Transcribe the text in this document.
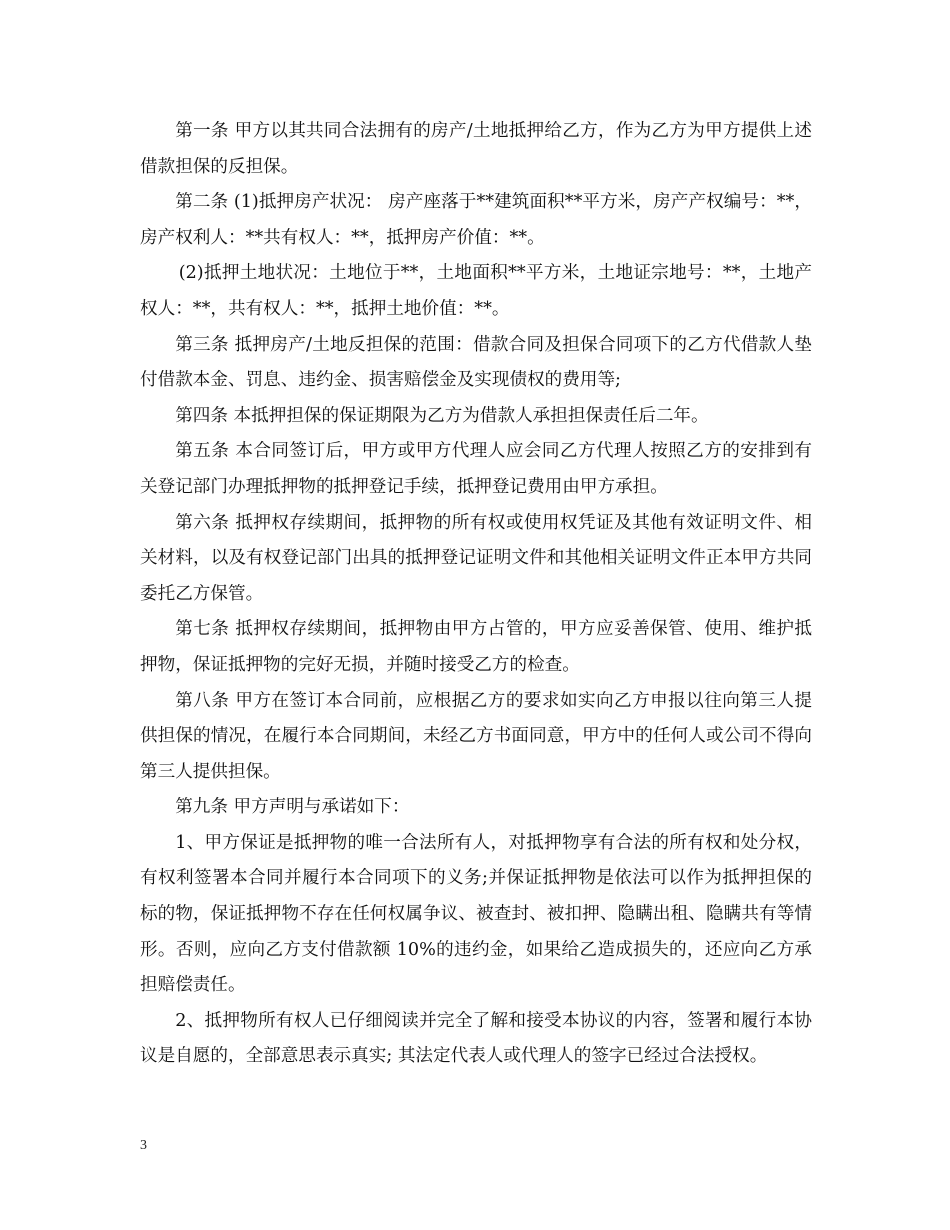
第一条 甲方以其共同合法拥有的房产/土地抵押给乙方，作为乙方为甲方提供上述借款担保的反担保。

第二条 (1)抵押房产状况： 房产座落于**建筑面积**平方米，房产产权编号：**，房产权利人：**共有权人：**，抵押房产价值：**。

(2)抵押土地状况：土地位于**，土地面积**平方米，土地证宗地号：**，土地产权人：**，共有权人：**，抵押土地价值：**。

第三条 抵押房产/土地反担保的范围：借款合同及担保合同项下的乙方代借款人垫付借款本金、罚息、违约金、损害赔偿金及实现债权的费用等;

第四条 本抵押担保的保证期限为乙方为借款人承担担保责任后二年。

第五条 本合同签订后，甲方或甲方代理人应会同乙方代理人按照乙方的安排到有关登记部门办理抵押物的抵押登记手续，抵押登记费用由甲方承担。

第六条 抵押权存续期间，抵押物的所有权或使用权凭证及其他有效证明文件、相关材料，以及有权登记部门出具的抵押登记证明文件和其他相关证明文件正本甲方共同委托乙方保管。

第七条 抵押权存续期间，抵押物由甲方占管的，甲方应妥善保管、使用、维护抵押物，保证抵押物的完好无损，并随时接受乙方的检查。

第八条 甲方在签订本合同前，应根据乙方的要求如实向乙方申报以往向第三人提供担保的情况，在履行本合同期间，未经乙方书面同意，甲方中的任何人或公司不得向第三人提供担保。

第九条 甲方声明与承诺如下：

1、甲方保证是抵押物的唯一合法所有人，对抵押物享有合法的所有权和处分权，有权利签署本合同并履行本合同项下的义务;并保证抵押物是依法可以作为抵押担保的标的物，保证抵押物不存在任何权属争议、被查封、被扣押、隐瞒出租、隐瞒共有等情形。否则，应向乙方支付借款额 10%的违约金，如果给乙造成损失的，还应向乙方承担赔偿责任。

2、抵押物所有权人已仔细阅读并完全了解和接受本协议的内容，签署和履行本协议是自愿的，全部意思表示真实; 其法定代表人或代理人的签字已经过合法授权。

3
